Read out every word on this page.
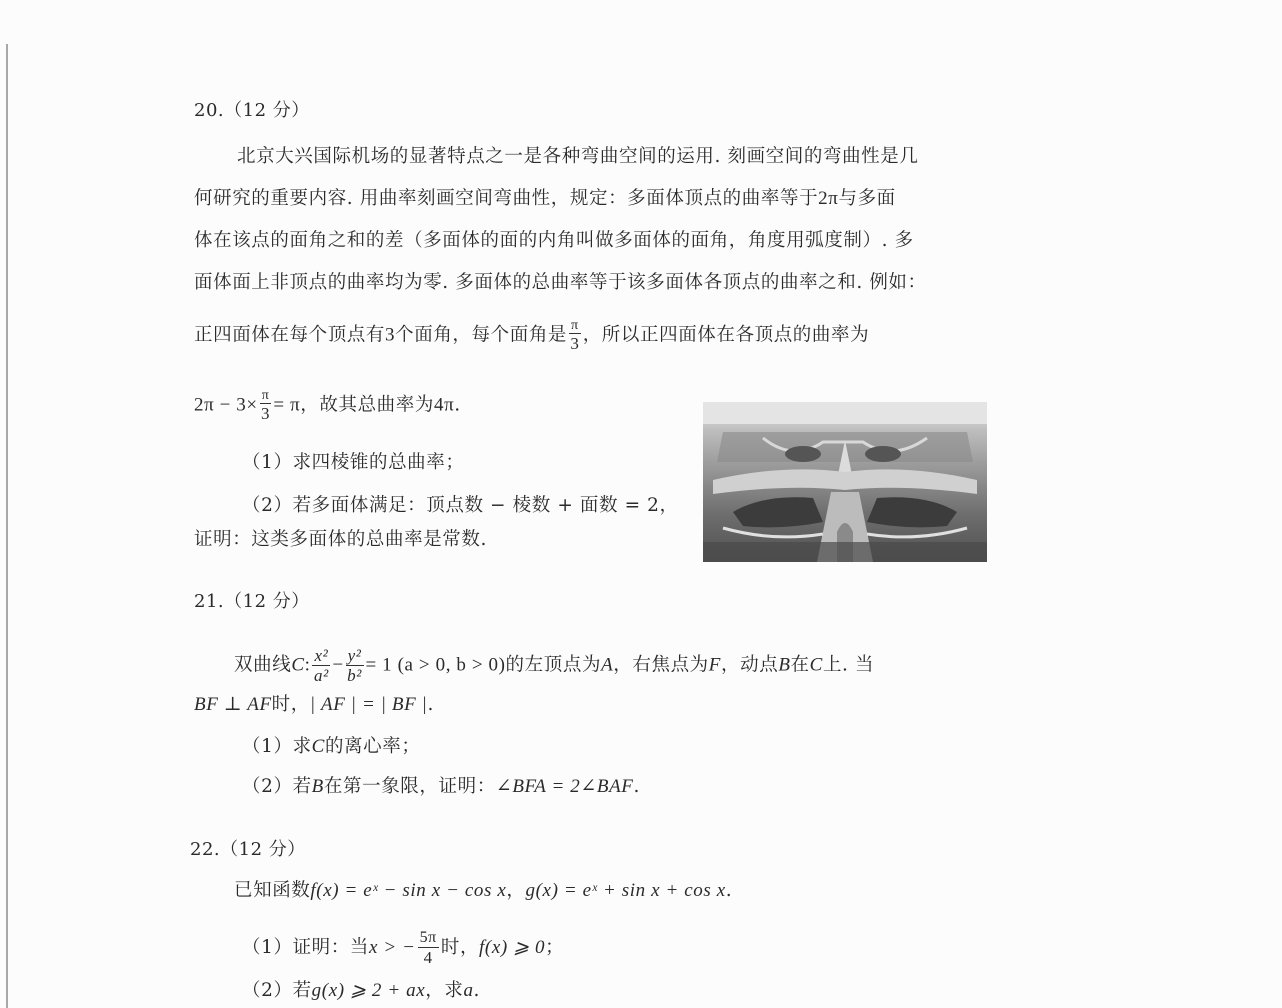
20.（12 分）
北京大兴国际机场的显著特点之一是各种弯曲空间的运用. 刻画空间的弯曲性是几
何研究的重要内容. 用曲率刻画空间弯曲性，规定：多面体顶点的曲率等于2π与多面
体在该点的面角之和的差（多面体的面的内角叫做多面体的面角，角度用弧度制）. 多
面体面上非顶点的曲率均为零. 多面体的总曲率等于该多面体各顶点的曲率之和. 例如：
正四面体在每个顶点有3个面角，每个面角是 $\frac{\pi}{3}$ ，所以正四面体在各顶点的曲率为
$2\pi - 3\times \frac{\pi}{3} = \pi$，故其总曲率为4π.
（1）求四棱锥的总曲率；
（2）若多面体满足：顶点数 − 棱数 + 面数 = 2，
证明：这类多面体的总曲率是常数.
21.（12 分）
双曲线C: $\frac{\text{x²}}{\text{a²}} - \frac{\text{y²}}{\text{b²}} = 1$ (a > 0, b > 0)的左顶点为A，右焦点为F，动点B在C上. 当
BF ⊥ AF时，| AF | = | BF |.
（1）求C的离心率；
（2）若B在第一象限，证明：∠BFA = 2∠BAF.
22.（12 分）
已知函数f(x) = eˣ − sin x − cos x，g(x) = eˣ + sin x + cos x.
（1）证明：当x > − $\frac{5\pi}{4}$ 时，f(x) ⩾ 0；
（2）若g(x) ⩾ 2 + ax，求a.
